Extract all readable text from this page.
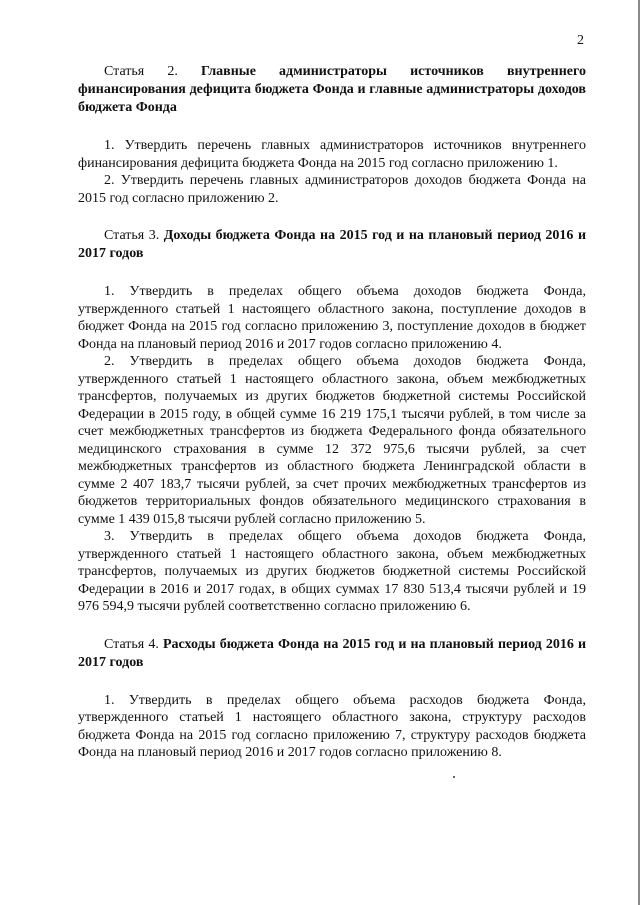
2

Статья 2. Главные администраторы источников внутреннего финансирования дефицита бюджета Фонда и главные администраторы доходов бюджета Фонда

1. Утвердить перечень главных администраторов источников внутреннего финансирования дефицита бюджета Фонда на 2015 год согласно приложению 1.

2. Утвердить перечень главных администраторов доходов бюджета Фонда на 2015 год согласно приложению 2.

Статья 3. Доходы бюджета Фонда на 2015 год и на плановый период 2016 и 2017 годов

1. Утвердить в пределах общего объема доходов бюджета Фонда, утвержденного статьей 1 настоящего областного закона, поступление доходов в бюджет Фонда на 2015 год согласно приложению 3, поступление доходов в бюджет Фонда на плановый период 2016 и 2017 годов согласно приложению 4.

2. Утвердить в пределах общего объема доходов бюджета Фонда, утвержденного статьей 1 настоящего областного закона, объем межбюджетных трансфертов, получаемых из других бюджетов бюджетной системы Российской Федерации в 2015 году, в общей сумме 16 219 175,1 тысячи рублей, в том числе за счет межбюджетных трансфертов из бюджета Федерального фонда обязательного медицинского страхования в сумме 12 372 975,6 тысячи рублей, за счет межбюджетных трансфертов из областного бюджета Ленинградской области в сумме 2 407 183,7 тысячи рублей, за счет прочих межбюджетных трансфертов из бюджетов территориальных фондов обязательного медицинского страхования в сумме 1 439 015,8 тысячи рублей согласно приложению 5.

3. Утвердить в пределах общего объема доходов бюджета Фонда, утвержденного статьей 1 настоящего областного закона, объем межбюджетных трансфертов, получаемых из других бюджетов бюджетной системы Российской Федерации в 2016 и 2017 годах, в общих суммах 17 830 513,4 тысячи рублей и 19 976 594,9 тысячи рублей соответственно согласно приложению 6.

Статья 4. Расходы бюджета Фонда на 2015 год и на плановый период 2016 и 2017 годов

1. Утвердить в пределах общего объема расходов бюджета Фонда, утвержденного статьей 1 настоящего областного закона, структуру расходов бюджета Фонда на 2015 год согласно приложению 7, структуру расходов бюджета Фонда на плановый период 2016 и 2017 годов согласно приложению 8.
